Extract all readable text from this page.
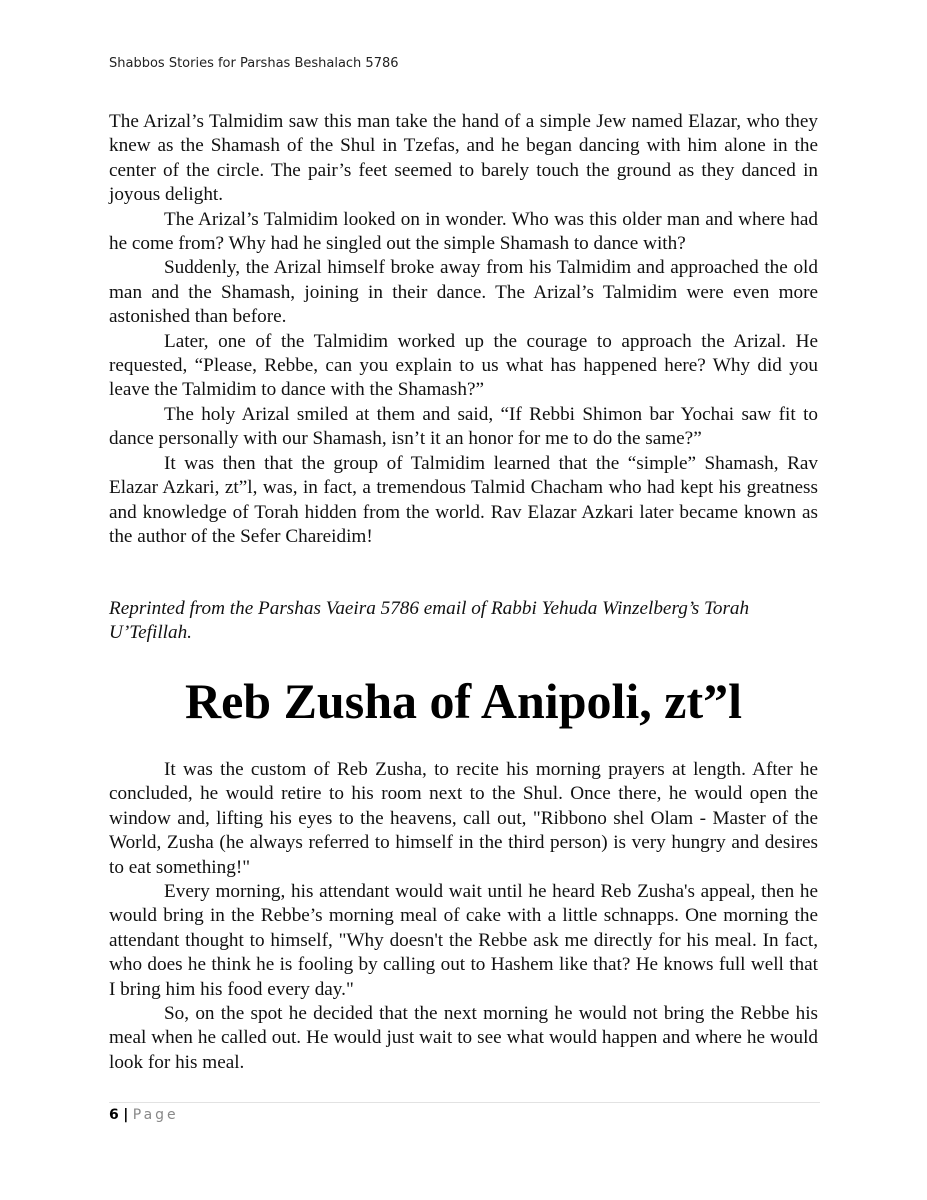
Shabbos Stories for Parshas Beshalach 5786

The Arizal’s Talmidim saw this man take the hand of a simple Jew named Elazar, who they knew as the Shamash of the Shul in Tzefas, and he began dancing with him alone in the center of the circle. The pair’s feet seemed to barely touch the ground as they danced in joyous delight.

The Arizal’s Talmidim looked on in wonder. Who was this older man and where had he come from? Why had he singled out the simple Shamash to dance with?

Suddenly, the Arizal himself broke away from his Talmidim and approached the old man and the Shamash, joining in their dance. The Arizal’s Talmidim were even more astonished than before.

Later, one of the Talmidim worked up the courage to approach the Arizal. He requested, “Please, Rebbe, can you explain to us what has happened here? Why did you leave the Talmidim to dance with the Shamash?”

The holy Arizal smiled at them and said, “If Rebbi Shimon bar Yochai saw fit to dance personally with our Shamash, isn’t it an honor for me to do the same?”

It was then that the group of Talmidim learned that the “simple” Shamash, Rav Elazar Azkari, zt”l, was, in fact, a tremendous Talmid Chacham who had kept his greatness and knowledge of Torah hidden from the world. Rav Elazar Azkari later became known as the author of the Sefer Chareidim!

Reprinted from the Parshas Vaeira 5786 email of Rabbi Yehuda Winzelberg’s Torah U’Tefillah.
Reb Zusha of Anipoli, zt”l

It was the custom of Reb Zusha, to recite his morning prayers at length. After he concluded, he would retire to his room next to the Shul. Once there, he would open the window and, lifting his eyes to the heavens, call out, "Ribbono shel Olam - Master of the World, Zusha (he always referred to himself in the third person) is very hungry and desires to eat something!"

Every morning, his attendant would wait until he heard Reb Zusha's appeal, then he would bring in the Rebbe’s morning meal of cake with a little schnapps. One morning the attendant thought to himself, "Why doesn't the Rebbe ask me directly for his meal. In fact, who does he think he is fooling by calling out to Hashem like that? He knows full well that I bring him his food every day."

So, on the spot he decided that the next morning he would not bring the Rebbe his meal when he called out. He would just wait to see what would happen and where he would look for his meal.

6 | Page
